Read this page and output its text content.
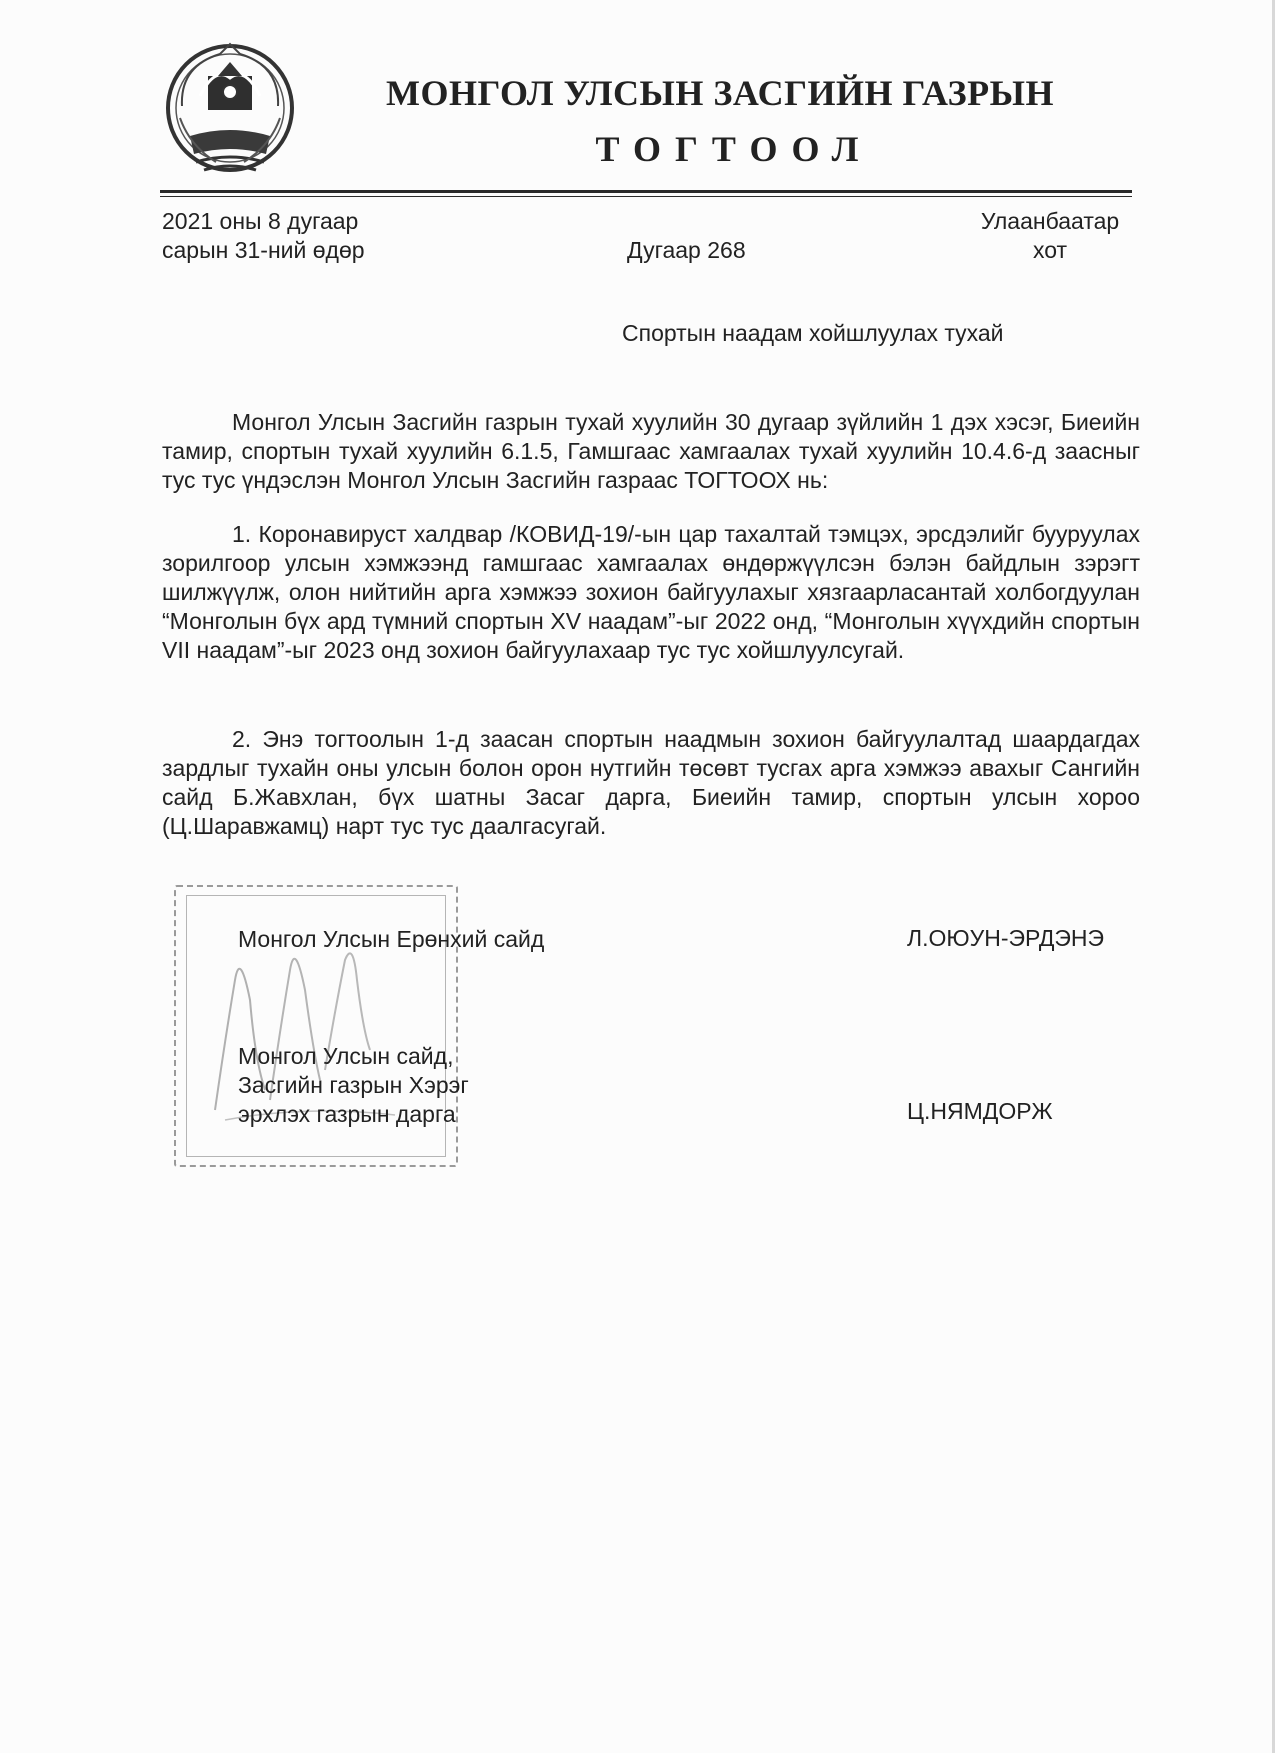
МОНГОЛ УЛСЫН ЗАСГИЙН ГАЗРЫН
ТОГТООЛ
2021 оны 8 дугаар
сарын 31-ний өдөр	Дугаар 268
Улаанбаатар
хот
Спортын наадам хойшлуулах тухай

Монгол Улсын Засгийн газрын тухай хуулийн 30 дугаар зүйлийн 1 дэх хэсэг, Биеийн тамир, спортын тухай хуулийн 6.1.5, Гамшгаас хамгаалах тухай хуулийн 10.4.6-д заасныг тус тус үндэслэн Монгол Улсын Засгийн газраас ТОГТООХ нь:

1. Коронавируст халдвар /КОВИД-19/-ын цар тахалтай тэмцэх, эрсдэлийг бууруулах зорилгоор улсын хэмжээнд гамшгаас хамгаалах өндөржүүлсэн бэлэн байдлын зэрэгт шилжүүлж, олон нийтийн арга хэмжээ зохион байгуулахыг хязгаарласантай холбогдуулан “Монголын бүх ард түмний спортын XV наадам”-ыг 2022 онд, “Монголын хүүхдийн спортын VII наадам”-ыг 2023 онд зохион байгуулахаар тус тус хойшлуулсугай.

2. Энэ тогтоолын 1-д заасан спортын наадмын зохион байгуулалтад шаардагдах зардлыг тухайн оны улсын болон орон нутгийн төсөвт тусгах арга хэмжээ авахыг Сангийн сайд Б.Жавхлан, бүх шатны Засаг дарга, Биеийн тамир, спортын улсын хороо (Ц.Шаравжамц) нарт тус тус даалгасугай.

Монгол Улсын Ерөнхий сайд	Л.ОЮУН-ЭРДЭНЭ
Монгол Улсын сайд,
Засгийн газрын Хэрэг
эрхлэх газрын дарга	Ц.НЯМДОРЖ
